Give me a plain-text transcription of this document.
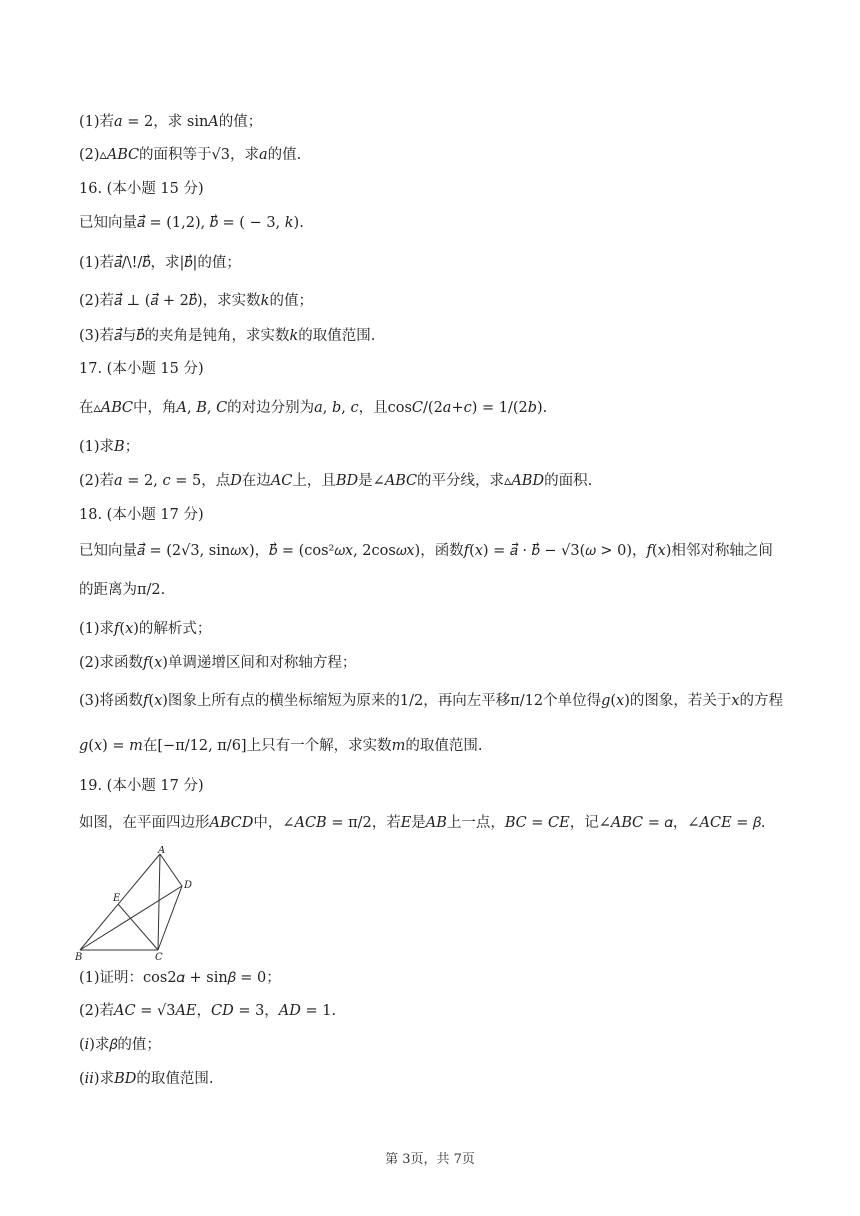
(1)若𝑎 = 2，求 sin𝐴的值；
(2)▵𝐴𝐵𝐶的面积等于√3，求𝑎的值.
16. (本小题 15 分)
已知向量𝑎⃗ = (1,2), 𝑏⃗ = ( − 3, 𝑘).
(1)若𝑎⃗/\!/𝑏⃗，求|𝑏⃗|的值；
(2)若𝑎⃗ ⊥ (𝑎⃗ + 2𝑏⃗)，求实数𝑘的值；
(3)若𝑎⃗与𝑏⃗的夹角是钝角，求实数𝑘的取值范围.
17. (本小题 15 分)
在▵𝐴𝐵𝐶中，角𝐴, 𝐵, 𝐶的对边分别为𝑎, 𝑏, 𝑐，且cos𝐶/(2𝑎+𝑐) = 1/(2𝑏).
(1)求𝐵；
(2)若𝑎 = 2, 𝑐 = 5，点𝐷在边𝐴𝐶上，且𝐵𝐷是∠𝐴𝐵𝐶的平分线，求▵𝐴𝐵𝐷的面积.
18. (本小题 17 分)
已知向量𝑎⃗ = (2√3, sin𝜔𝑥)，𝑏⃗ = (cos²𝜔𝑥, 2cos𝜔𝑥)，函数𝑓(𝑥) = 𝑎⃗ · 𝑏⃗ − √3(𝜔 > 0)，𝑓(𝑥)相邻对称轴之间
的距离为π/2.
(1)求𝑓(𝑥)的解析式；
(2)求函数𝑓(𝑥)单调递增区间和对称轴方程；
(3)将函数𝑓(𝑥)图象上所有点的横坐标缩短为原来的1/2，再向左平移π/12个单位得𝑔(𝑥)的图象，若关于𝑥的方程
𝑔(𝑥) = 𝑚在[−π/12, π/6]上只有一个解，求实数𝑚的取值范围.
19. (本小题 17 分)
如图，在平面四边形𝐴𝐵𝐶𝐷中，∠𝐴𝐶𝐵 = π/2，若𝐸是𝐴𝐵上一点，𝐵𝐶 = 𝐶𝐸，记∠𝐴𝐵𝐶 = 𝛼，∠𝐴𝐶𝐸 = 𝛽.
A
B	C
D
E
(1)证明：cos2𝛼 + sin𝛽 = 0；
(2)若𝐴𝐶 = √3𝐴𝐸，𝐶𝐷 = 3，𝐴𝐷 = 1.
(𝑖)求𝛽的值；
(𝑖𝑖)求𝐵𝐷的取值范围.
第 3页，共 7页
